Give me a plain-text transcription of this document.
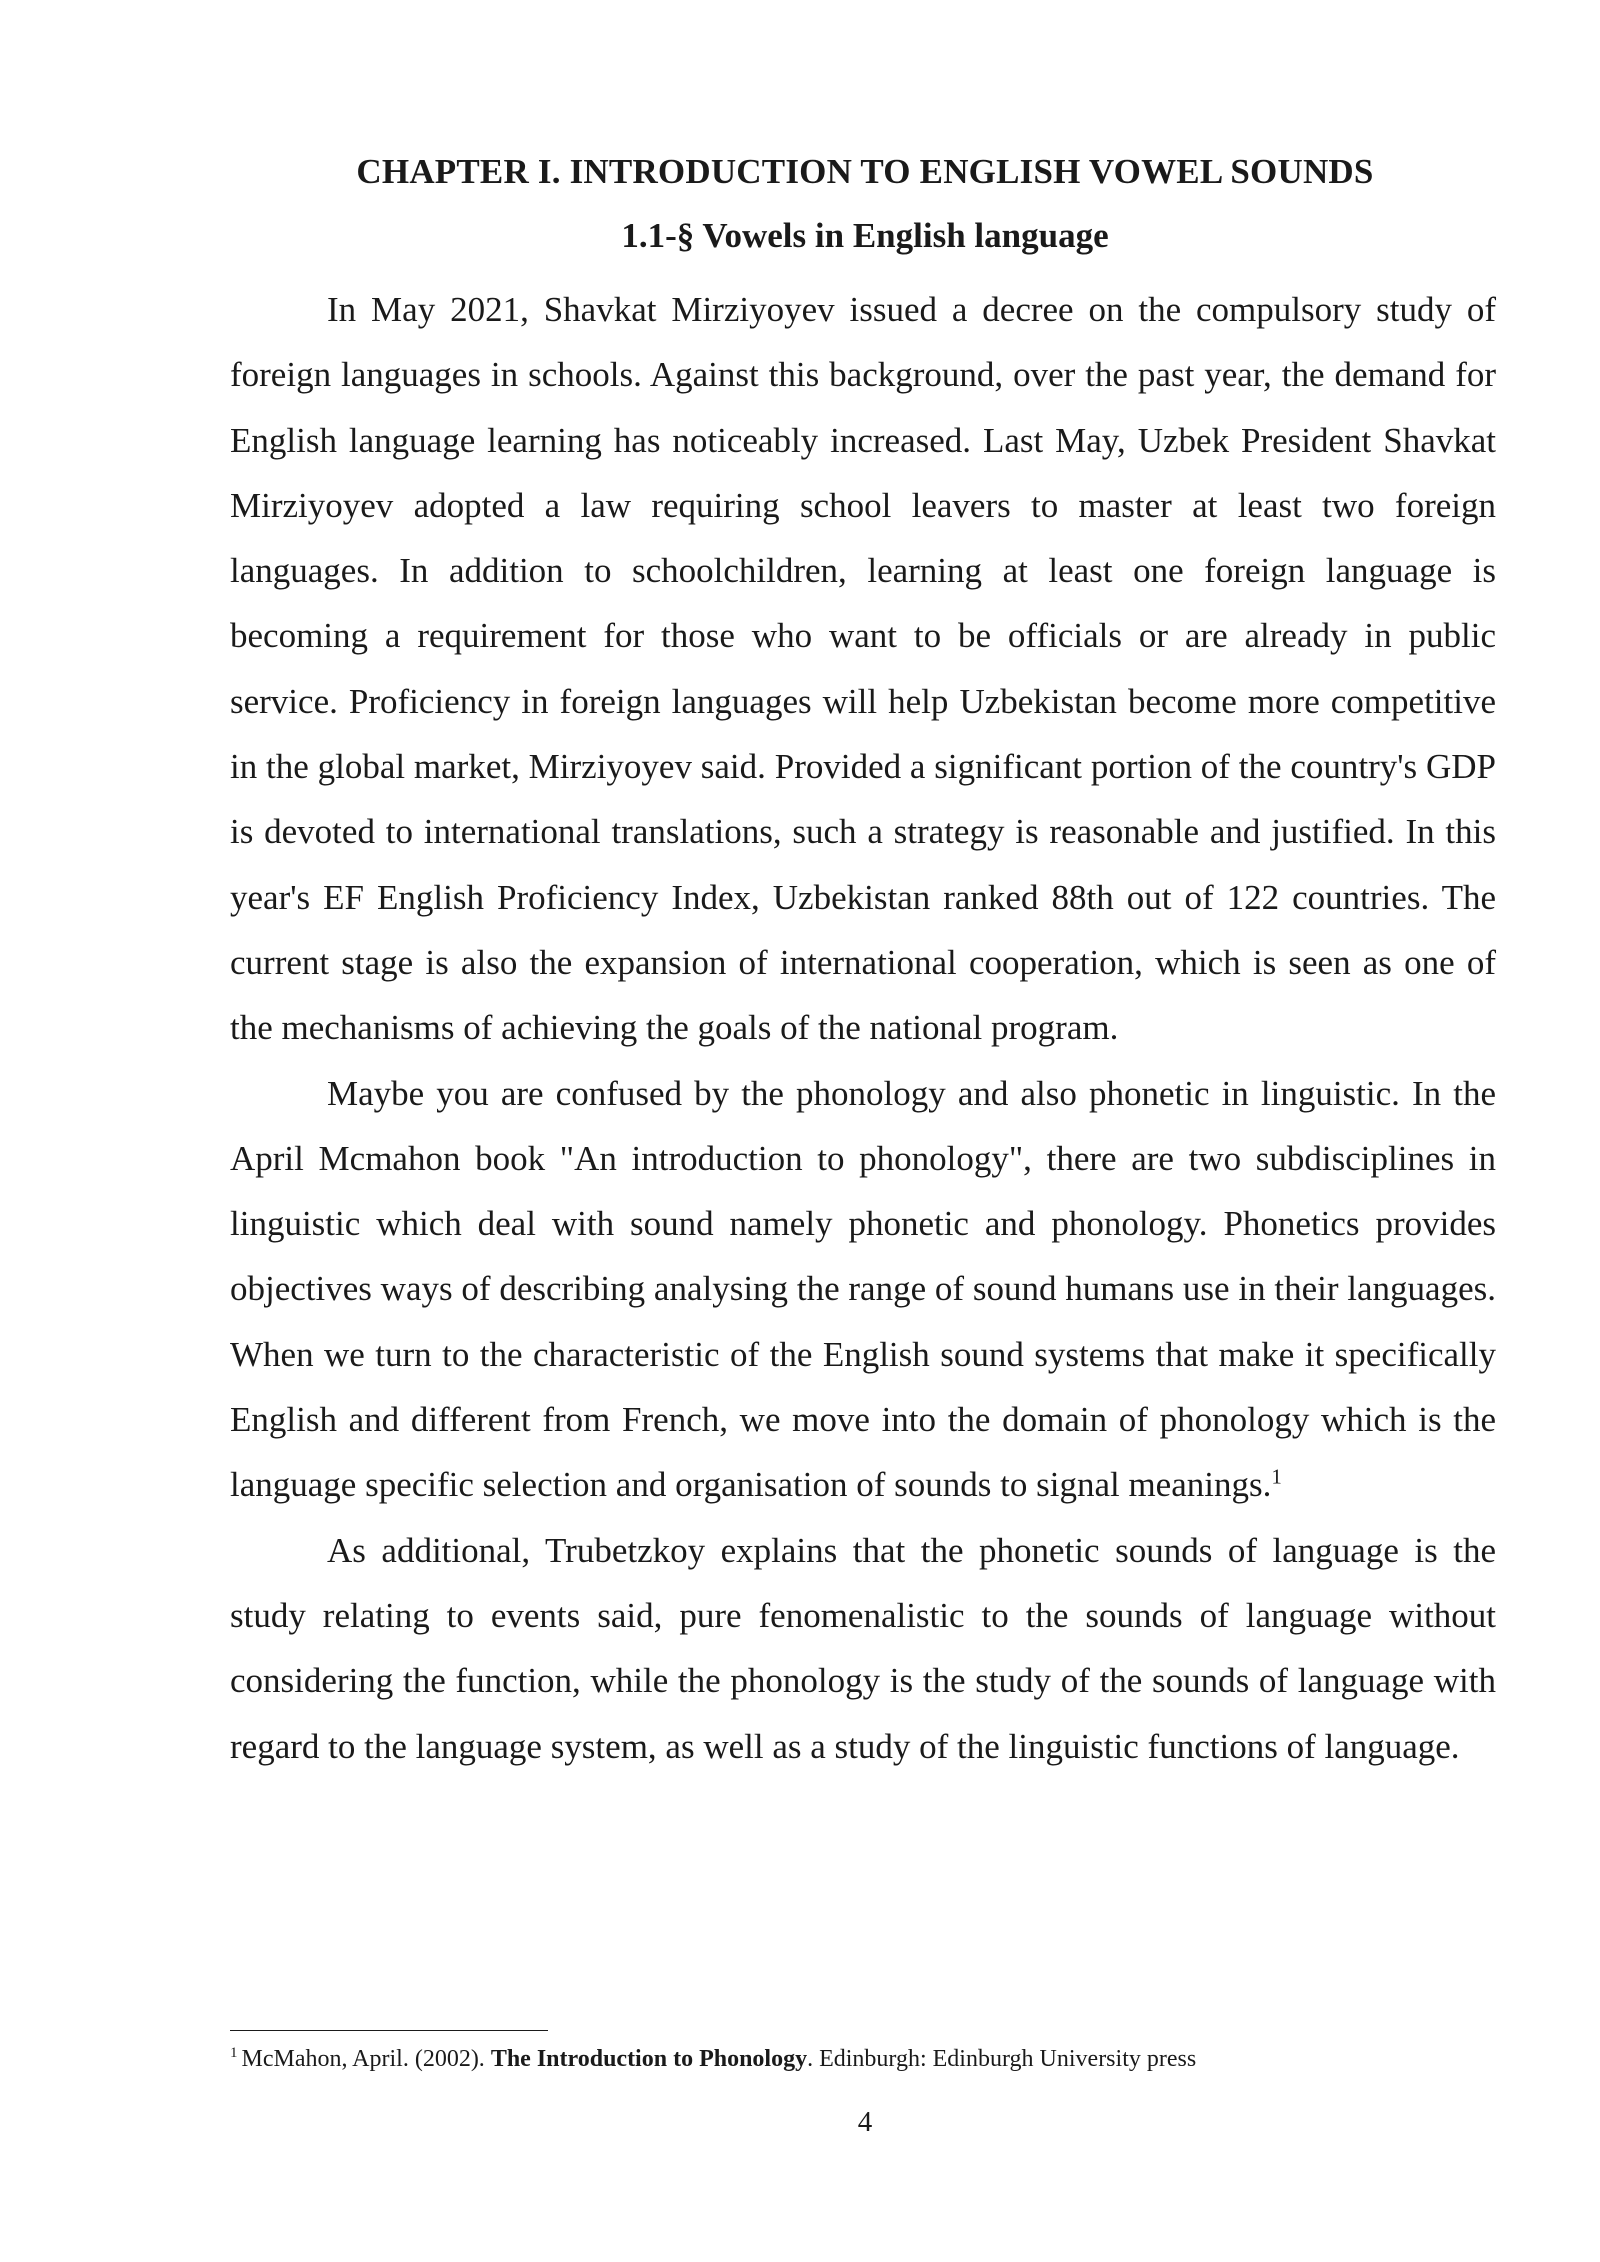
CHAPTER I. INTRODUCTION TO ENGLISH VOWEL SOUNDS
1.1-§ Vowels in English language

In May 2021, Shavkat Mirziyoyev issued a decree on the compulsory study of foreign languages in schools. Against this background, over the past year, the demand for English language learning has noticeably increased. Last May, Uzbek President Shavkat Mirziyoyev adopted a law requiring school leavers to master at least two foreign languages. In addition to schoolchildren, learning at least one foreign language is becoming a requirement for those who want to be officials or are already in public service. Proficiency in foreign languages will help Uzbekistan become more competitive in the global market, Mirziyoyev said. Provided a significant portion of the country's GDP is devoted to international translations, such a strategy is reasonable and justified. In this year's EF English Proficiency Index, Uzbekistan ranked 88th out of 122 countries. The current stage is also the expansion of international cooperation, which is seen as one of the mechanisms of achieving the goals of the national program.

Maybe you are confused by the phonology and also phonetic in linguistic. In the April Mcmahon book "An introduction to phonology", there are two subdisciplines in linguistic which deal with sound namely phonetic and phonology. Phonetics provides objectives ways of describing analysing the range of sound humans use in their languages. When we turn to the characteristic of the English sound systems that make it specifically English and different from French, we move into the domain of phonology which is the language specific selection and organisation of sounds to signal meanings.$^1$

As additional, Trubetzkoy explains that the phonetic sounds of language is the study relating to events said, pure fenomenalistic to the sounds of language without considering the function, while the phonology is the study of the sounds of language with regard to the language system, as well as a study of the linguistic functions of language.

$^1$ McMahon, April. (2002). The Introduction to Phonology. Edinburgh: Edinburgh University press

4
